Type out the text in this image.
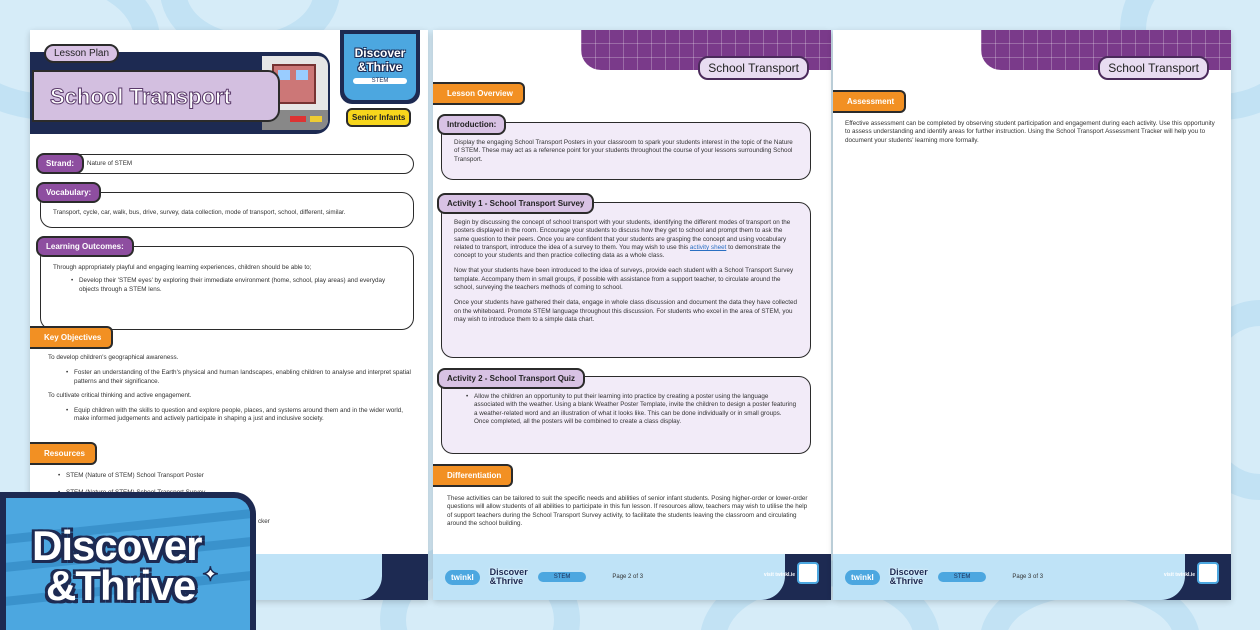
Lesson Plan
School Transport
Discover
&Thrive
STEM
Senior Infants
Nature of STEM
Strand:
Transport, cycle, car, walk, bus, drive, survey, data collection, mode of transport, school, different, similar.
Vocabulary:
Through appropriately playful and engaging learning experiences, children should be able to;
• Develop their 'STEM eyes' by exploring their immediate environment (home, school, play areas) and everyday objects through a STEM lens.
Learning Outcomes:
Key Objectives
To develop children's geographical awareness.
• Foster an understanding of the Earth's physical and human landscapes, enabling children to analyse and interpret spatial patterns and their significance.
To cultivate critical thinking and active engagement.
• Equip children with the skills to question and explore people, places, and systems around them and in the wider world, make informed judgements and actively participate in shaping a just and inclusive society.
Resources
• STEM (Nature of STEM) School Transport Poster
•
cker
School Transport
Lesson Overview
Display the engaging School Transport Posters in your classroom to spark your students interest in the topic of the Nature of STEM. These may act as a reference point for your students throughout the course of your lessons surrounding School Transport.
Introduction:
Begin by discussing the concept of school transport with your students, identifying the different modes of transport on the posters displayed in the room. Encourage your students to discuss how they get to school and prompt them to ask the same question to their peers. Once you are confident that your students are grasping the concept and using vocabulary related to transport, introduce the idea of a survey to them. You may wish to use this activity sheet to demonstrate the concept to your students and then practice collecting data as a whole class.
Now that your students have been introduced to the idea of surveys, provide each student with a School Transport Survey template. Accompany them in small groups, if possible with assistance from a support teacher, to circulate around the school, surveying the teachers methods of coming to school.
Once your students have gathered their data, engage in whole class discussion and document the data they have collected on the whiteboard. Promote STEM language throughout this discussion. For students who excel in the area of STEM, you may wish to introduce them to a simple data chart.
Activity 1 - School Transport Survey
• Allow the children an opportunity to put their learning into practice by creating a poster using the language associated with the weather. Using a blank Weather Poster Template, invite the children to design a poster featuring a weather-related word and an illustration of what it looks like. This can be done individually or in small groups. Once completed, all the posters will be combined to create a class display.
Activity 2 - School Transport Quiz
Differentiation
These activities can be tailored to suit the specific needs and abilities of senior infant students. Posing higher-order or lower-order questions will allow students of all abilities to participate in this fun lesson. If resources allow, teachers may wish to utilise the help of support teachers during the School Transport Survey activity, to facilitate the students leaving the classroom and circulating around the school building.
twinkl	Discover
&Thrive	STEM	Page 2 of 3	visit twinkl.ie
School Transport
Assessment
Effective assessment can be completed by observing student participation and engagement during each activity. Use this opportunity to assess understanding and identify areas for further instruction. Using the School Transport Assessment Tracker will help you to document your students' learning more formally.
twinkl	Discover
&Thrive	STEM	Page 3 of 3	visit twinkl.ie
Discover
&Thrive ✦
